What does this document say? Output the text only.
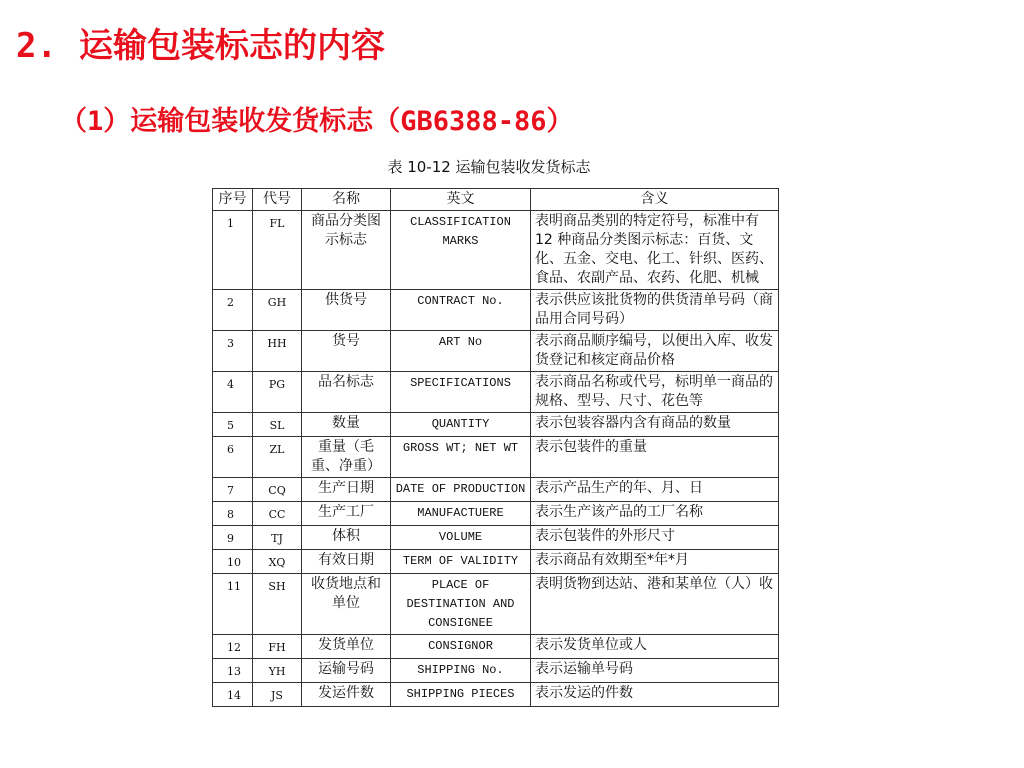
2. 运输包装标志的内容
（1）运输包装收发货标志（GB6388-86）
表 10-12 运输包装收发货标志
序号	代号	名称	英文	含义
1	FL	商品分类图示标志	CLASSIFICATION MARKS	表明商品类别的特定符号，标准中有 12 种商品分类图示标志：百货、文化、五金、交电、化工、针织、医药、食品、农副产品、农药、化肥、机械
2	GH	供货号	CONTRACT No.	表示供应该批货物的供货清单号码（商品用合同号码）
3	HH	货号	ART No	表示商品顺序编号，以便出入库、收发货登记和核定商品价格
4	PG	品名标志	SPECIFICATIONS	表示商品名称或代号，标明单一商品的规格、型号、尺寸、花色等
5	SL	数量	QUANTITY	表示包装容器内含有商品的数量
6	ZL	重量（毛重、净重）	GROSS WT; NET WT	表示包装件的重量
7	CQ	生产日期	DATE OF PRODUCTION	表示产品生产的年、月、日
8	CC	生产工厂	MANUFACTUERE	表示生产该产品的工厂名称
9	TJ	体积	VOLUME	表示包装件的外形尺寸
10	XQ	有效日期	TERM OF VALIDITY	表示商品有效期至*年*月
11	SH	收货地点和单位	PLACE OF DESTINATION AND CONSIGNEE	表明货物到达站、港和某单位（人）收
12	FH	发货单位	CONSIGNOR	表示发货单位或人
13	YH	运输号码	SHIPPING No.	表示运输单号码
14	JS	发运件数	SHIPPING PIECES	表示发运的件数
